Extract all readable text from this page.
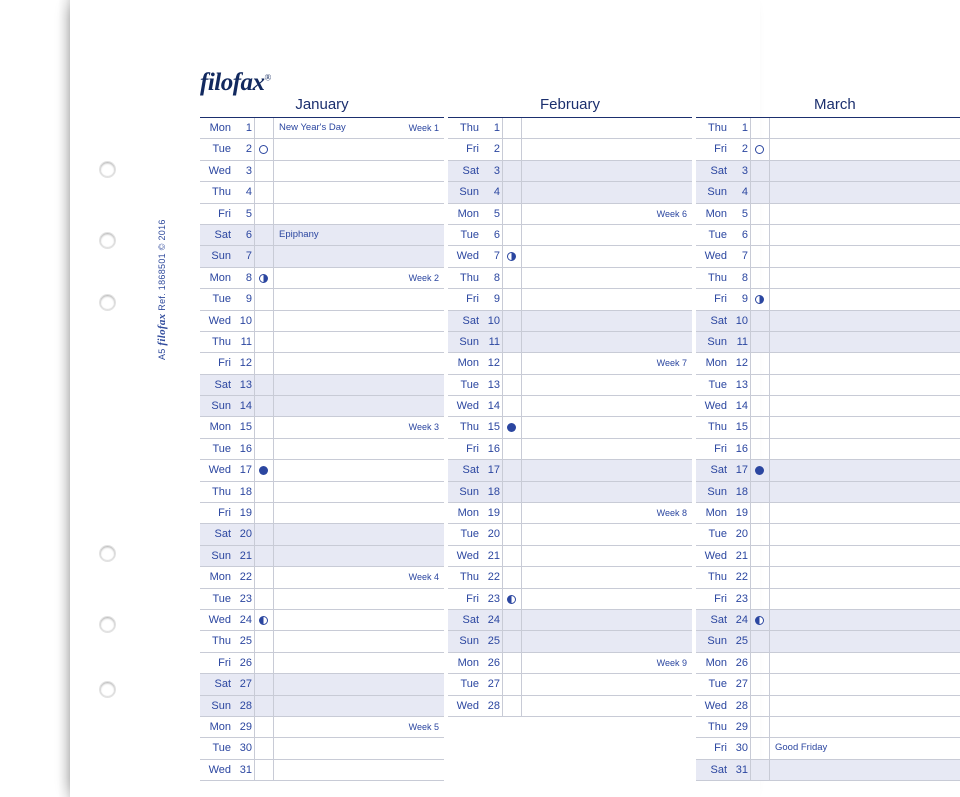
filofax®
A5 filofax Ref. 1868501 © 2016
January
Mon	1	New Year's Day	Week 1
Tue	2
Wed	3
Thu	4
Fri	5
Sat	6	Epiphany
Sun	7
Mon	8	Week 2
Tue	9
Wed 10
Thu 11
Fri 12
Sat 13
Sun 14
Mon 15	Week 3
Tue 16
Wed 17
Thu 18
Fri 19
Sat 20
Sun 21
Mon 22	Week 4
Tue 23
Wed 24
Thu 25
Fri 26
Sat 27
Sun 28
Mon 29	Week 5
Tue 30
Wed 31
February
Thu	1
Fri	2
Sat	3
Sun	4
Mon	5	Week 6
Tue	6
Wed	7
Thu	8
Fri	9
Sat 10
Sun 11
Mon 12	Week 7
Tue 13
Wed 14
Thu 15
Fri 16
Sat 17
Sun 18
Mon 19	Week 8
Tue 20
Wed 21
Thu 22
Fri 23
Sat 24
Sun 25
Mon 26	Week 9
Tue 27
Wed 28
March
Thu	1
Fri	2
Sat	3
Sun	4
Mon	5
Tue	6
Wed	7
Thu	8
Fri	9
Sat 10
Sun 11
Mon 12
Tue 13
Wed 14
Thu 15
Fri 16
Sat 17
Sun 18
Mon 19
Tue 20
Wed 21
Thu 22
Fri 23
Sat 24
Sun 25
Mon 26
Tue 27
Wed 28
Thu 29
Fri 30	Good Friday
Sat 31
